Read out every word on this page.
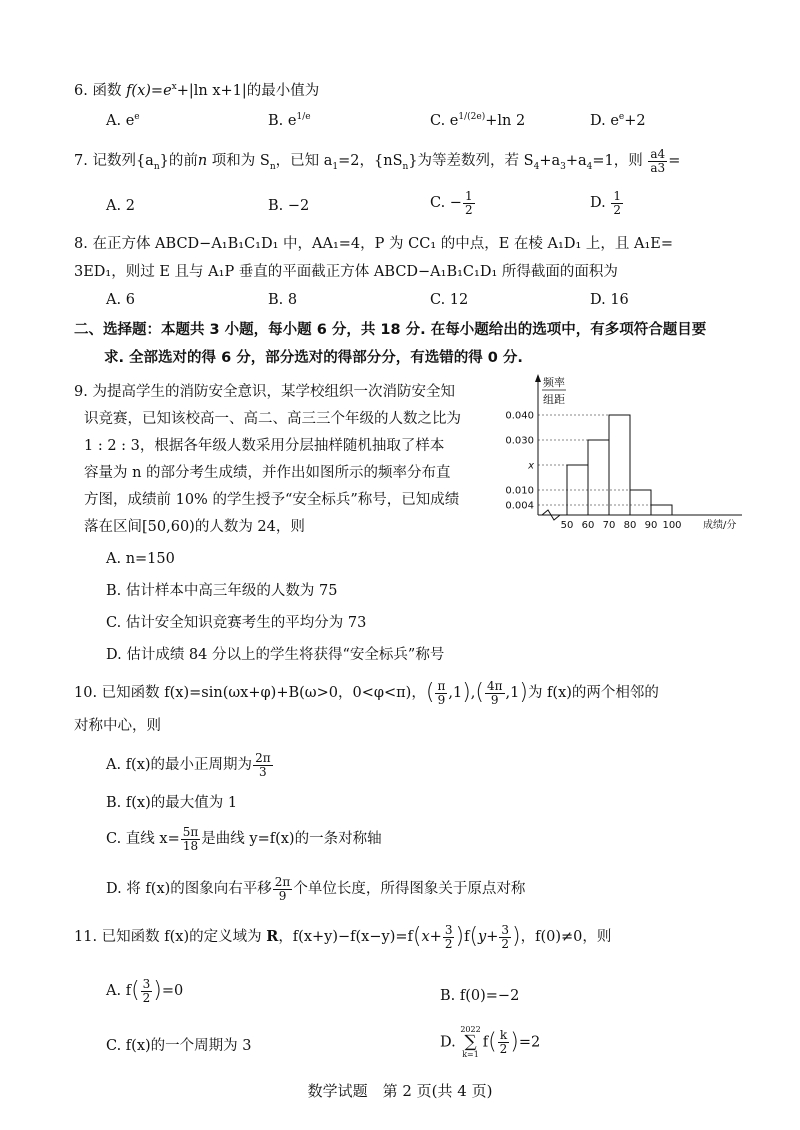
6. 函数 $f(x)=e^x+|\ln$ x+1|的最小值为
A. $e^e$	B. $e^{1/e}$	C. $e^{1/(2e)}+\ln$ 2	D. $e^e+2$
7. 记数列$\{a_n\}$的前n 项和为 $S_n$，已知 $a_1=2$，$\{nS_n\}$为等差数列，若 $S_4+a_3+a_4=1$，则 $\frac{a4}{a3}$ =
A. 2	B. −2	C. − $\frac{1}{2}$	D. $\frac{1}{2}$
8. 在正方体 ABCD−A₁B₁C₁D₁ 中，AA₁=4，P 为 CC₁ 的中点，E 在棱 A₁D₁ 上，且 A₁E=
3ED₁，则过 E 且与 A₁P 垂直的平面截正方体 ABCD−A₁B₁C₁D₁ 所得截面的面积为
A. 6	B. 8	C. 12	D. 16
二、选择题：本题共 3 小题，每小题 6 分，共 18 分. 在每小题给出的选项中，有多项符合题目要
求. 全部选对的得 6 分，部分选对的得部分分，有选错的得 0 分.
9. 为提高学生的消防安全意识，某学校组织一次消防安全知
识竞赛，已知该校高一、高二、高三三个年级的人数之比为
1 : 2 : 3，根据各年级人数采用分层抽样随机抽取了样本
容量为 n 的部分考生成绩，并作出如图所示的频率分布直
方图，成绩前 10% 的学生授予“安全标兵”称号，已知成绩
落在区间[50,60)的人数为 24，则
A. n=150
B. 估计样本中高三年级的人数为 75
C. 估计安全知识竞赛考生的平均分为 73
D. 估计成绩 84 分以上的学生将获得“安全标兵”称号
频率
组距
0.040
0.030
x
0.010
0.004
50 60 70 80 90 100 成绩/分
10. 已知函数 f(x)=sin(ωx+φ)+B(ω>0，0<φ<π)，( $\frac{\pi}{9} ,1),( \frac{4\pi}{9} ,1)$为 f(x)的两个相邻的
对称中心，则
A. f(x)的最小正周期为 $\frac{2\pi}{3}$
B. f(x)的最大值为 1
C. 直线 $x= \frac{5\pi}{18}$ 是曲线 y=f(x)的一条对称轴
D. 将 f(x)的图象向右平移 $\frac{2\pi}{9}$ 个单位长度，所得图象关于原点对称
11. 已知函数 f(x)的定义域为 R，$f(x+y)-f(x-y)=f(x+ \frac{3}{2} )f(y+ \frac{3}{2}$ )，f(0)≠0，则
A. $f( \frac{3}{2} )=0$	B. f(0)=−2
C. f(x)的一个周期为 3	D.
2022
∑
k=1
$f( \frac{k}{2} )=2$
数学试题　第 2 页(共 4 页)
